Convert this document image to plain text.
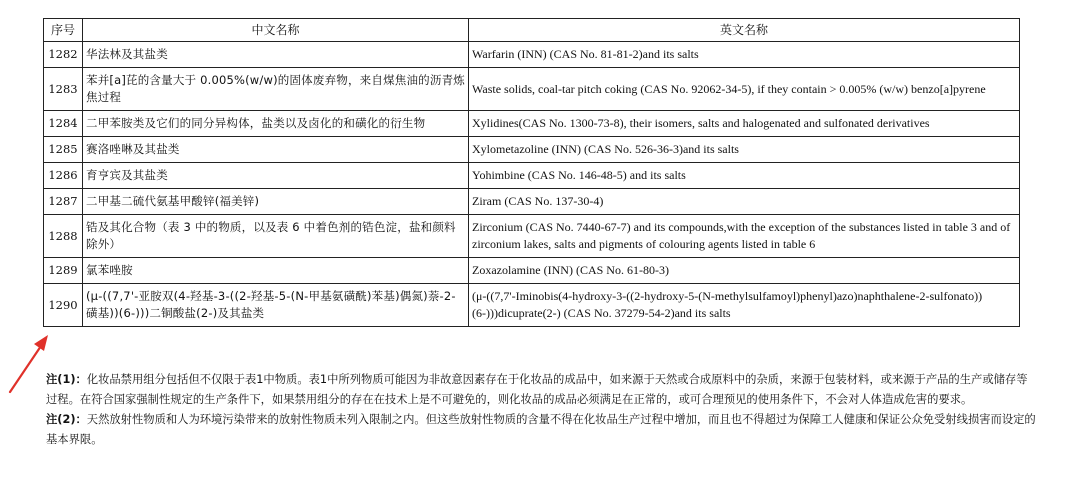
序号	中文名称	英文名称
1282	华法林及其盐类	Warfarin (INN) (CAS No. 81-81-2)and its salts
1283	苯并[a]芘的含量大于 0.005%(w/w)的固体废弃物，来自煤焦油的沥青炼焦过程	Waste solids, coal-tar pitch coking (CAS No. 92062-34-5), if they contain > 0.005% (w/w) benzo[a]pyrene
1284	二甲苯胺类及它们的同分异构体，盐类以及卤化的和磺化的衍生物	Xylidines(CAS No. 1300-73-8), their isomers, salts and halogenated and sulfonated derivatives
1285	赛洛唑啉及其盐类	Xylometazoline (INN) (CAS No. 526-36-3)and its salts
1286	育亨宾及其盐类	Yohimbine (CAS No. 146-48-5) and its salts
1287	二甲基二硫代氨基甲酸锌(福美锌)	Ziram (CAS No. 137-30-4)
1288	锆及其化合物（表 3 中的物质，以及表 6 中着色剂的锆色淀，盐和颜料除外）	Zirconium (CAS No. 7440-67-7) and its compounds,with the exception of the substances listed in table 3 and of zirconium lakes, salts and pigments of colouring agents listed in table 6
1289	氯苯唑胺	Zoxazolamine (INN) (CAS No. 61-80-3)
1290	(μ-((7,7'-亚胺双(4-羟基-3-((2-羟基-5-(N-甲基氨磺酰)苯基)偶氮)萘-2-磺基))(6-)))二铜酸盐(2-)及其盐类	(μ-((7,7'-Iminobis(4-hydroxy-3-((2-hydroxy-5-(N-methylsulfamoyl)phenyl)azo)naphthalene-2-sulfonato))(6-)))dicuprate(2-) (CAS No. 37279-54-2)and its salts

注(1)：化妆品禁用组分包括但不仅限于表1中物质。表1中所列物质可能因为非故意因素存在于化妆品的成品中，如来源于天然或合成原料中的杂质，来源于包装材料，或来源于产品的生产或储存等过程。在符合国家强制性规定的生产条件下，如果禁用组分的存在在技术上是不可避免的，则化妆品的成品必须满足在正常的，或可合理预见的使用条件下，不会对人体造成危害的要求。

注(2)：天然放射性物质和人为环境污染带来的放射性物质未列入限制之内。但这些放射性物质的含量不得在化妆品生产过程中增加，而且也不得超过为保障工人健康和保证公众免受射线损害而设定的基本界限。
